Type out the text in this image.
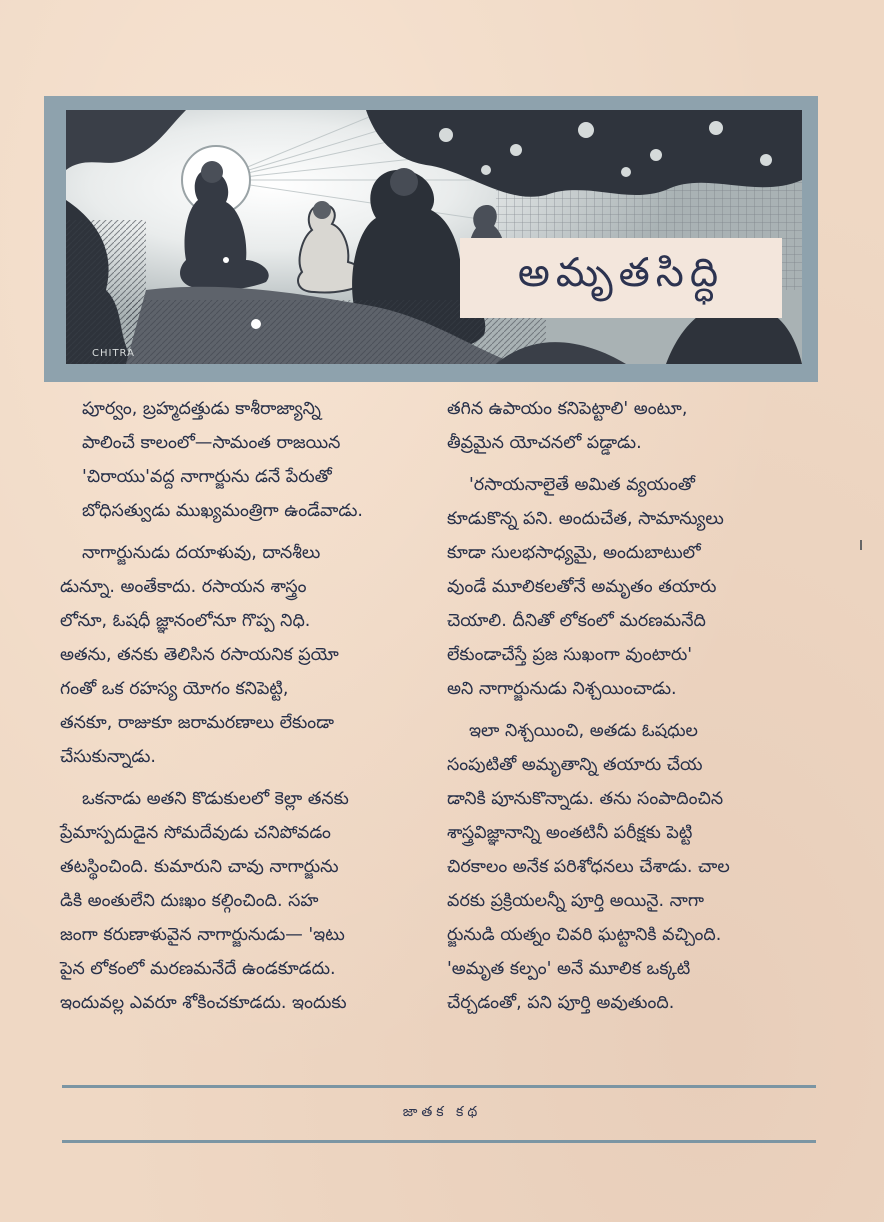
CHITRA
అమృతసిద్ధి

పూర్వం, బ్రహ్మదత్తుడు కాశీరాజ్యాన్ని
పాలించే కాలంలో—సామంత రాజయిన
'చిరాయు'వద్ద నాగార్జును డనే పేరుతో
బోధిసత్వుడు ముఖ్యమంత్రిగా ఉండేవాడు.

నాగార్జునుడు దయాళువు, దానశీలు
డున్నూ. అంతేకాదు. రసాయన శాస్త్రం
లోనూ, ఓషధీ జ్ఞానంలోనూ గొప్ప నిధి.
అతను, తనకు తెలిసిన రసాయనిక ప్రయో
గంతో ఒక రహస్య యోగం కనిపెట్టి,
తనకూ, రాజుకూ జరామరణాలు లేకుండా
చేసుకున్నాడు.

ఒకనాడు అతని కొడుకులలో కెల్లా తనకు
ప్రేమాస్పదుడైన సోమదేవుడు చనిపోవడం
తటస్థించింది. కుమారుని చావు నాగార్జును
డికి అంతులేని దుఃఖం కల్గించింది. సహ
జంగా కరుణాళువైన నాగార్జునుడు— 'ఇటు
పైన లోకంలో మరణమనేదే ఉండకూడదు.
ఇందువల్ల ఎవరూ శోకించకూడదు. ఇందుకు

తగిన ఉపాయం కనిపెట్టాలి' అంటూ,
తీవ్రమైన యోచనలో పడ్డాడు.

'రసాయనాలైతే అమిత వ్యయంతో
కూడుకొన్న పని. అందుచేత, సామాన్యులు
కూడా సులభసాధ్యమై, అందుబాటులో
వుండే మూలికలతోనే అమృతం తయారు
చెయాలి. దీనితో లోకంలో మరణమనేది
లేకుండాచేస్తే ప్రజ సుఖంగా వుంటారు'
అని నాగార్జునుడు నిశ్చయించాడు.

ఇలా నిశ్చయించి, అతడు ఓషధుల
సంపుటితో అమృతాన్ని తయారు చేయ
డానికి పూనుకొన్నాడు. తను సంపాదించిన
శాస్త్రవిజ్ఞానాన్ని అంతటినీ పరీక్షకు పెట్టి
చిరకాలం అనేక పరిశోధనలు చేశాడు. చాల
వరకు ప్రక్రియలన్నీ పూర్తి అయినై. నాగా
ర్జునుడి యత్నం చివరి ఘట్టానికి వచ్చింది.
'అమృత కల్పం' అనే మూలిక ఒక్కటి
చేర్చడంతో, పని పూర్తి అవుతుంది.

జాతక కథ
